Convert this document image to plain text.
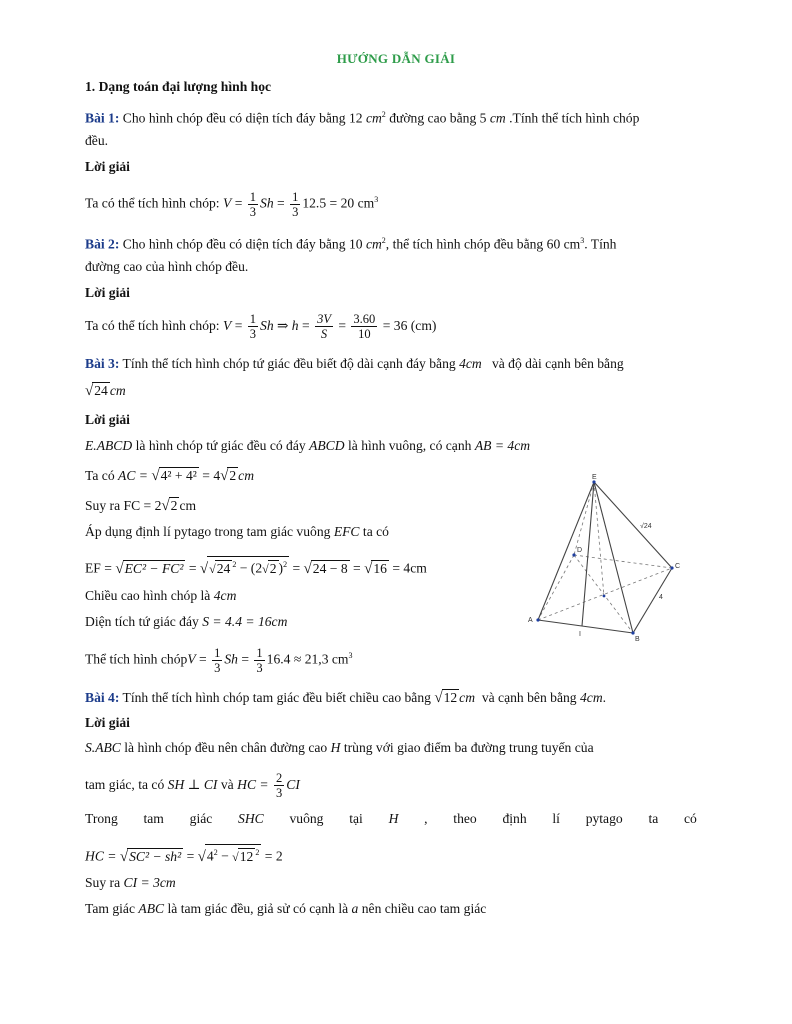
HƯỚNG DẪN GIẢI
1. Dạng toán đại lượng hình học
Bài 1: Cho hình chóp đều có diện tích đáy bằng 12 $cm^2$ đường cao bằng 5 cm .Tính thể tích hình chóp
đều.
Lời giải
Ta có thể tích hình chóp: $V = \frac{1}{3}$ $Sh = \frac{1}{3} 12.5 = 20$ $cm^3$
Bài 2: Cho hình chóp đều có diện tích đáy bằng 10 $cm^2$, thể tích hình chóp đều bằng 60 $cm^3$. Tính
đường cao của hình chóp đều.
Lời giải
Ta có thể tích hình chóp: $V = \frac{1}{3}$ Sh ⇒ $h = \frac{3V}{S} = \frac{3.60}{10} = 36$ (cm)
Bài 3: Tính thể tích hình chóp tứ giác đều biết độ dài cạnh đáy bằng 4cm và độ dài cạnh bên bằng
√24 cm
Lời giải
E.ABCD là hình chóp tứ giác đều có đáy ABCD là hình vuông, có cạnh AB = 4cm
Ta có AC = √4² + 4² = 4√2 cm
Suy ra FC = 2√2 cm
Áp dụng định lí pytago trong tam giác vuông EFC ta có
EF = √EC² − FC² = √√24 $^2$ − (2√2 )$^2$ = √24 − 8 = √16 = 4cm
Chiều cao hình chóp là 4cm
Diện tích tứ giác đáy S = 4.4 = 16cm
Thể tích hình chópV = $\frac{1}{3}$ $Sh = \frac{1}{3} 16.4 \approx 21,3$ $cm^3$
E
D
C
A
I
B
√24
4
Bài 4: Tính thể tích hình chóp tam giác đều biết chiều cao bằng √12 cm và cạnh bên bằng 4cm.
Lời giải
S.ABC là hình chóp đều nên chân đường cao H trùng với giao điểm ba đường trung tuyến của
tam giác, ta có SH ⊥ CI và HC = $\frac{2}{3}$ CI
Trong tam giác SHC vuông tại H , theo định lí pytago ta có
HC = $√SC^2 - sh^2 = √4^2 - √12$ $^2$ = 2
Suy ra CI = 3cm
Tam giác ABC là tam giác đều, giả sử có cạnh là a nên chiều cao tam giác
